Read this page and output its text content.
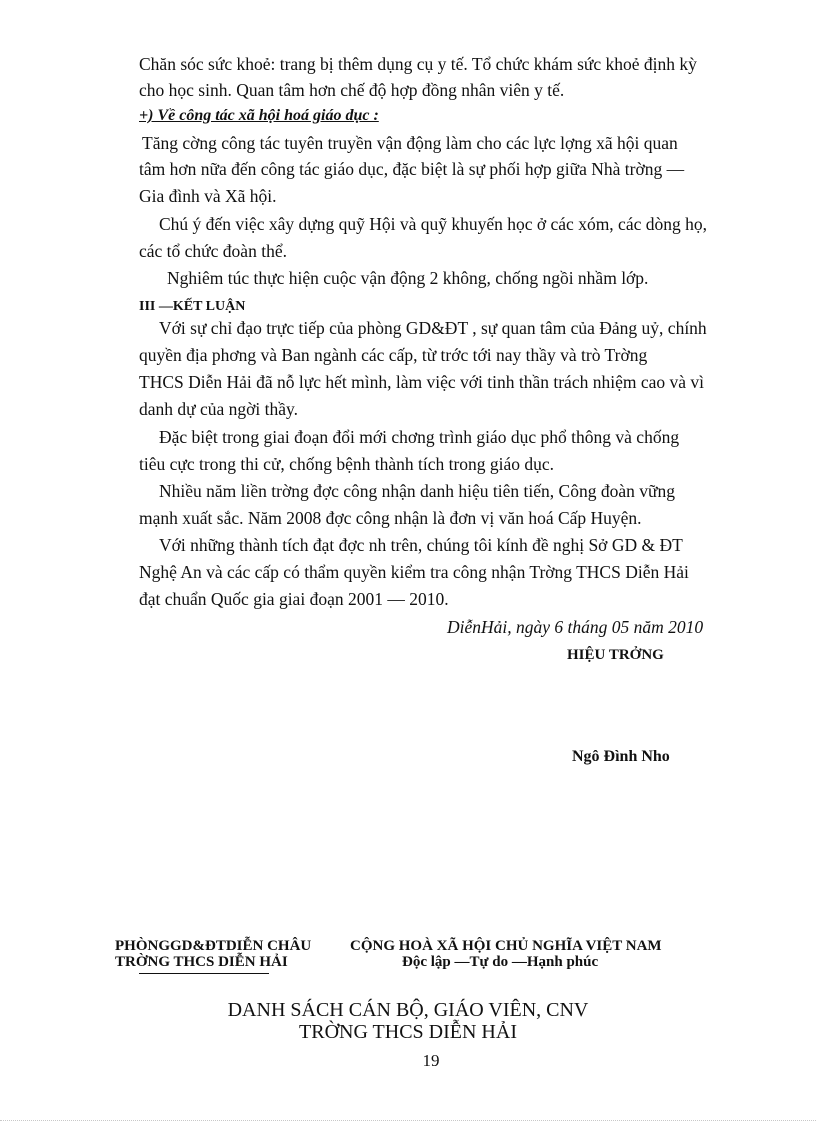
Chăn sóc sức khoẻ: trang bị thêm dụng cụ y tế. Tổ chức khám sức khoẻ định kỳ

cho học sinh. Quan tâm hơn chế độ hợp đồng nhân viên y tế.

+) Về công tác xã hội hoá giáo dục :

Tăng cờng công tác tuyên truyền vận động làm cho các lực lợng xã hội quan

tâm hơn nữa đến công tác giáo dục, đặc biệt là sự phối hợp giữa Nhà trờng —

Gia đình và Xã hội.

Chú ý đến việc xây dựng quỹ Hội và quỹ khuyến học ở các xóm, các dòng họ,

các tổ chức đoàn thể.

Nghiêm túc thực hiện cuộc vận động 2 không, chống ngồi nhầm lớp.

III —KẾT LUẬN

Với sự chỉ đạo trực tiếp của phòng GD&ĐT , sự quan tâm của Đảng uỷ, chính

quyền địa phơng và Ban ngành các cấp, từ trớc tới nay thầy và trò Trờng

THCS Diễn Hải đã nỗ lực hết mình, làm việc với tinh thần trách nhiệm cao và vì

danh dự của ngời thầy.

Đặc biệt trong giai đoạn đổi mới chơng trình giáo dục phổ thông và chống

tiêu cực trong thi cử, chống bệnh thành tích trong giáo dục.

Nhiều năm liền trờng đợc công nhận danh hiệu tiên tiến, Công đoàn vững

mạnh xuất sắc. Năm 2008 đợc công nhận là đơn vị văn hoá Cấp Huyện.

Với những thành tích đạt đợc nh trên, chúng tôi kính đề nghị Sở GD & ĐT

Nghệ An và các cấp có thẩm quyền kiểm tra công nhận Trờng THCS Diễn Hải

đạt chuẩn Quốc gia giai đoạn 2001 — 2010.

DiễnHải, ngày 6 tháng 05 năm 2010

HIỆU TRỞNG

Ngô Đình Nho

PHÒNGGD&ĐTDIỄN CHÂU

TRỜNG THCS DIỄN HẢI

CỘNG HOÀ XÃ HỘI CHỦ NGHĨA VIỆT NAM

Độc lập —Tự do —Hạnh phúc

DANH SÁCH CÁN BỘ, GIÁO VIÊN, CNV

TRỜNG THCS DIỄN HẢI

19
